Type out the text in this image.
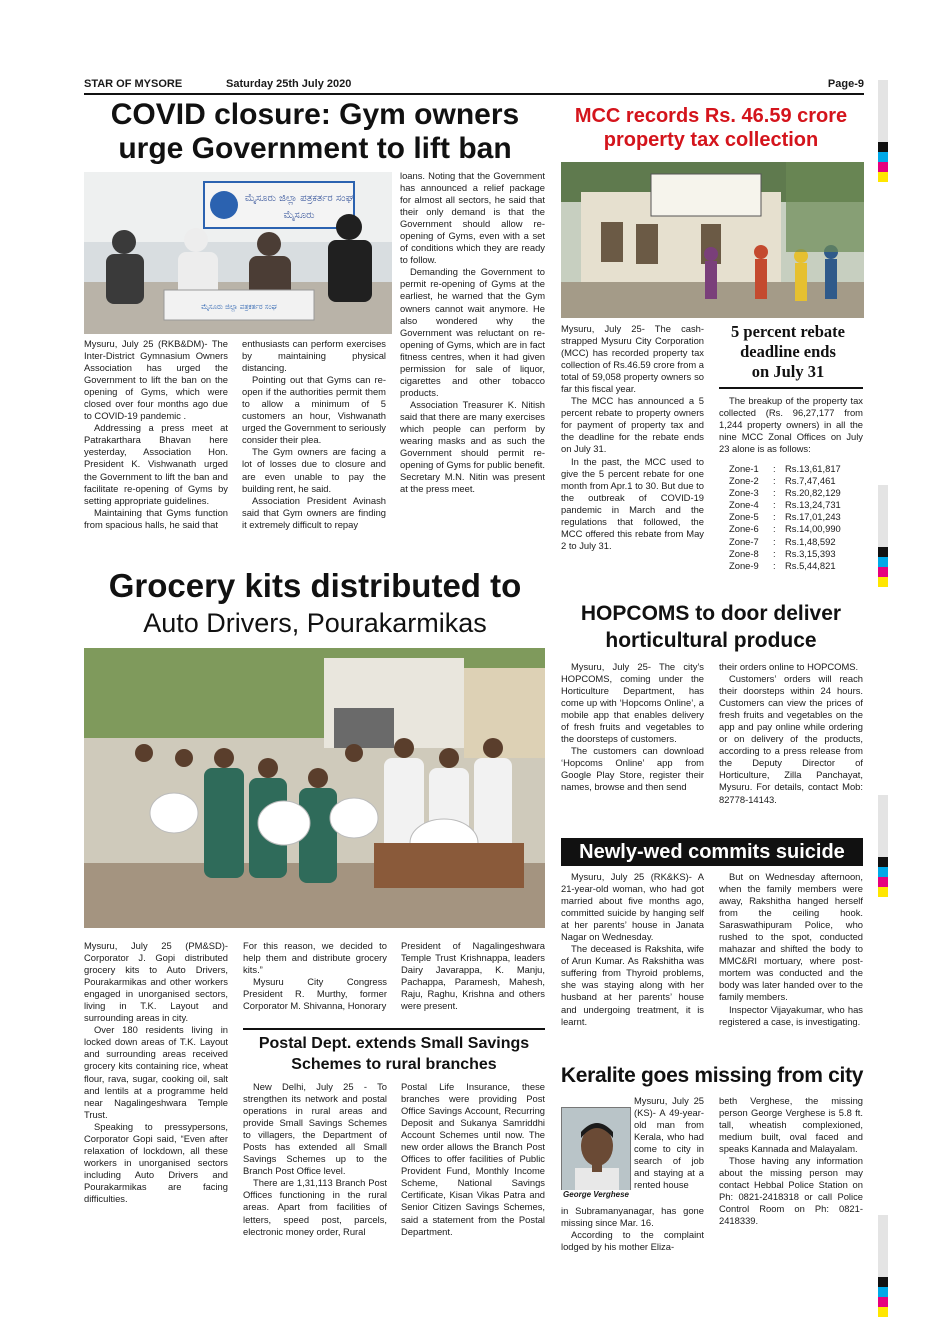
STAR OF MYSORE	Saturday 25th July 2020	Page-9
COVID closure: Gym owners
urge Government to lift ban
ಮೈಸೂರು ಜಿಲ್ಲಾ ಪತ್ರಕರ್ತರ ಸಂಘ
ಮೈಸೂರು
ಮೈಸೂರು ಜಿಲ್ಲಾ ಪತ್ರಕರ್ತರ ಸಂಘ

Mysuru, July 25 (RKB&DM)- The Inter-District Gymnasium Owners Association has urged the Government to lift the ban on the opening of Gyms, which were closed over four months ago due to COVID-19 pandemic .

Addressing a press meet at Patrakarthara Bhavan here yesterday, Association Hon. President K. Vishwanath urged the Government to lift the ban and facilitate re-opening of Gyms by setting appropriate guidelines.

Maintaining that Gyms function from spacious halls, he said that

enthusiasts can perform exercises by maintaining physical distancing.

Pointing out that Gyms can re-open if the authorities permit them to allow a minimum of 5 customers an hour, Vishwanath urged the Government to seriously consider their plea.

The Gym owners are facing a lot of losses due to closure and are even unable to pay the building rent, he said.

Association President Avinash said that Gym owners are finding it extremely difficult to repay

loans. Noting that the Government has announced a relief package for almost all sectors, he said that their only demand is that the Government should allow re-opening of Gyms, even with a set of conditions which they are ready to follow.

Demanding the Government to permit re-opening of Gyms at the earliest, he warned that the Gym owners cannot wait anymore. He also wondered why the Government was reluctant on re-opening of Gyms, which are in fact fitness centres, when it had given permission for sale of liquor, cigarettes and other tobacco products.

Association Treasurer K. Nitish said that there are many exercises which people can perform by wearing masks and as such the Government should permit re-opening of Gyms for public benefit. Secretary M.N. Nitin was present at the press meet.

MCC records Rs. 46.59 crore
property tax collection

Mysuru, July 25- The cash-strapped Mysuru City Corporation (MCC) has recorded property tax collection of Rs.46.59 crore from a total of 59,058 property owners so far this fiscal year.

The MCC has announced a 5 percent rebate to property owners for payment of property tax and the deadline for the rebate ends on July 31.

In the past, the MCC used to give the 5 percent rebate for one month from Apr.1 to 30. But due to the outbreak of COVID-19 pandemic in March and the regulations that followed, the MCC offered this rebate from May 2 to July 31.

5 percent rebate
deadline ends
on July 31

The breakup of the property tax collected (Rs. 96,27,177 from 1,244 property owners) in all the nine MCC Zonal Offices on July 23 alone is as follows:

Zone-1	: Rs.13,61,817
Zone-2	: Rs.7,47,461
Zone-3	: Rs.20,82,129
Zone-4	: Rs.13,24,731
Zone-5	: Rs.17,01,243
Zone-6	: Rs.14,00,990
Zone-7	: Rs.1,48,592
Zone-8	: Rs.3,15,393
Zone-9	: Rs.5,44,821
Grocery kits distributed to
Auto Drivers, Pourakarmikas

Mysuru, July 25 (PM&SD)- Corporator J. Gopi distributed grocery kits to Auto Drivers, Pourakarmikas and other workers engaged in unorganised sectors, living in T.K. Layout and surrounding areas in city.

Over 180 residents living in locked down areas of T.K. Layout and surrounding areas received grocery kits containing rice, wheat flour, rava, sugar, cooking oil, salt and lentils at a programme held near Nagalingeshwara Temple Trust.

Speaking to pressypersons, Corporator Gopi said, “Even after relaxation of lockdown, all these workers in unorganised sectors including Auto Drivers and Pourakarmikas are facing difficulties.

For this reason, we decided to help them and distribute grocery kits.”

Mysuru City Congress President R. Murthy, former Corporator M. Shivanna, Honorary

President of Nagalingeshwara Temple Trust Krishnappa, leaders Dairy Javarappa, K. Manju, Pachappa, Paramesh, Mahesh, Raju, Raghu, Krishna and others were present.

Postal Dept. extends Small Savings
Schemes to rural branches

New Delhi, July 25 - To strengthen its network and postal operations in rural areas and provide Small Savings Schemes to villagers, the Department of Posts has extended all Small Savings Schemes up to the Branch Post Office level.

There are 1,31,113 Branch Post Offices functioning in the rural areas. Apart from facilities of letters, speed post, parcels, electronic money order, Rural

Postal Life Insurance, these branches were providing Post Office Savings Account, Recurring Deposit and Sukanya Samriddhi Account Schemes until now. The new order allows the Branch Post Offices to offer facilities of Public Provident Fund, Monthly Income Scheme, National Savings Certificate, Kisan Vikas Patra and Senior Citizen Savings Schemes, said a statement from the Postal Department.

HOPCOMS to door deliver
horticultural produce

Mysuru, July 25- The city’s HOPCOMS, coming under the Horticulture Department, has come up with ‘Hopcoms Online’, a mobile app that enables delivery of fresh fruits and vegetables to the doorsteps of customers.

The customers can download ‘Hopcoms Online’ app from Google Play Store, register their names, browse and then send

their orders online to HOPCOMS.

Customers’ orders will reach their doorsteps within 24 hours. Customers can view the prices of fresh fruits and vegetables on the app and pay online while ordering or on delivery of the products, according to a press release from the Deputy Director of Horticulture, Zilla Panchayat, Mysuru. For details, contact Mob: 82778-14143.

Newly-wed commits suicide

Mysuru, July 25 (RK&KS)- A 21-year-old woman, who had got married about five months ago, committed suicide by hanging self at her parents’ house in Janata Nagar on Wednesday.

The deceased is Rakshita, wife of Arun Kumar. As Rakshitha was suffering from Thyroid problems, she was staying along with her husband at her parents’ house and undergoing treatment, it is learnt.

But on Wednesday afternoon, when the family members were away, Rakshitha hanged herself from the ceiling hook. Saraswathipuram Police, who rushed to the spot, conducted mahazar and shifted the body to MMC&RI mortuary, where post-mortem was conducted and the body was later handed over to the family members.

Inspector Vijayakumar, who has registered a case, is investigating.

Keralite goes missing from city
George Verghese

Mysuru, July 25 (KS)- A 49-year-old man from Kerala, who had come to city in search of job and staying at a rented house

in Subramanyanagar, has gone missing since Mar. 16.

According to the complaint lodged by his mother Eliza-

beth Verghese, the missing person George Verghese is 5.8 ft. tall, wheatish complexioned, medium built, oval faced and speaks Kannada and Malayalam.

Those having any information about the missing person may contact Hebbal Police Station on Ph: 0821-2418318 or call Police Control Room on Ph: 0821-2418339.
